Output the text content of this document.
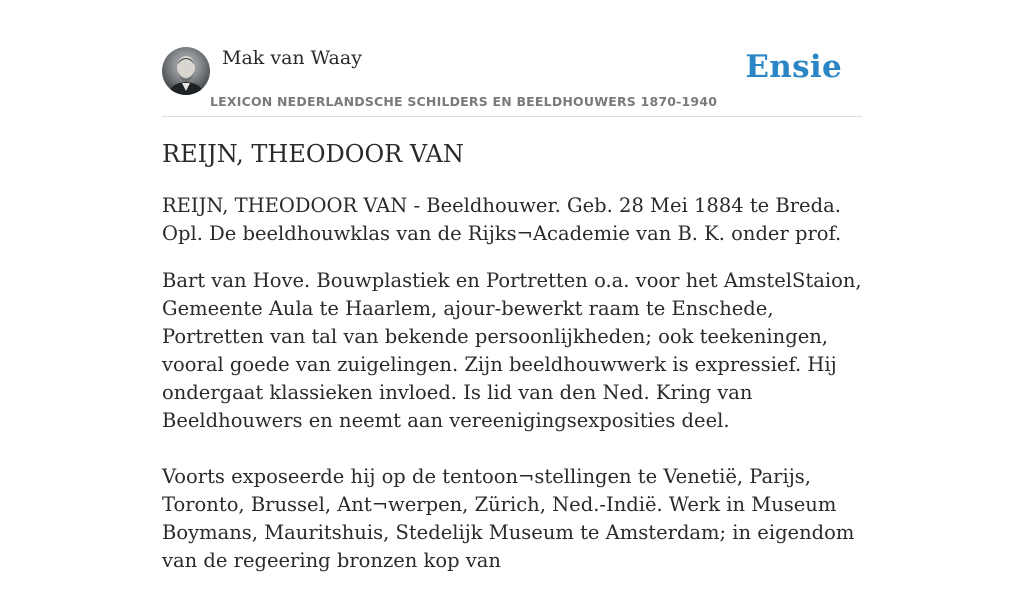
Mak van Waay
LEXICON NEDERLANDSCHE SCHILDERS EN BEELDHOUWERS 1870-1940
Ensie
REIJN, THEODOOR VAN

REIJN, THEODOOR VAN - Beeldhouwer. Geb. 28 Mei 1884 te Breda. Opl. De beeldhouwklas van de Rijks¬Academie van B. K. onder prof.

Bart van Hove. Bouwplastiek en Portretten o.a. voor het AmstelStaion, Gemeente Aula te Haarlem, ajour-bewerkt raam te Enschede, Portretten van tal van bekende persoonlijkheden; ook teekeningen, vooral goede van zuigelingen. Zijn beeldhouwwerk is expressief. Hij ondergaat klassieken invloed. Is lid van den Ned. Kring van Beeldhouwers en neemt aan vereenigingsexposities deel.

Voorts exposeerde hij op de tentoon¬stellingen te Venetië, Parijs, Toronto, Brussel, Ant¬werpen, Zürich, Ned.-Indië. Werk in Museum Boymans, Mauritshuis, Stedelijk Museum te Amsterdam; in eigendom van de regeering bronzen kop van
